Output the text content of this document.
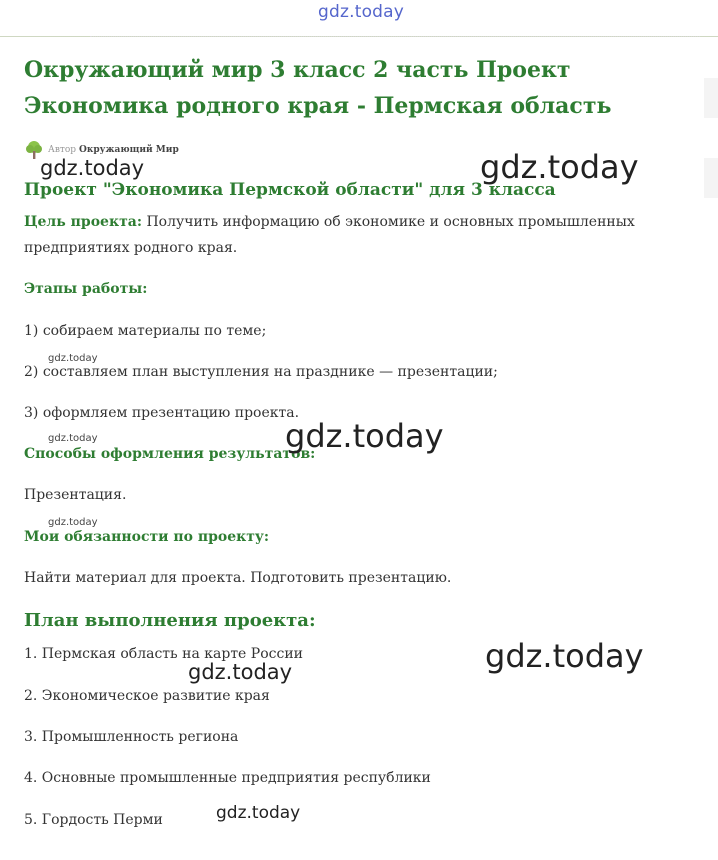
gdz.today
Окружающий мир 3 класс 2 часть Проект
Экономика родного края - Пермская область
Автор Окружающий Мир
Проект "Экономика Пермской области" для 3 класса

Цель проекта: Получить информацию об экономике и основных промышленных

предприятиях родного края.

Этапы работы:

1) собираем материалы по теме;

2) составляем план выступления на празднике — презентации;

3) оформляем презентацию проекта.

Способы оформления результатов:

Презентация.

Мои обязанности по проекту:

Найти материал для проекта. Подготовить презентацию.

План выполнения проекта:

1. Пермская область на карте России

2. Экономическое развитие края

3. Промышленность региона

4. Основные промышленные предприятия республики

5. Гордость Перми

gdz.today	gdz.today
gdz.today
gdz.today	gdz.today
gdz.today
gdz.today
gdz.today
gdz.today
